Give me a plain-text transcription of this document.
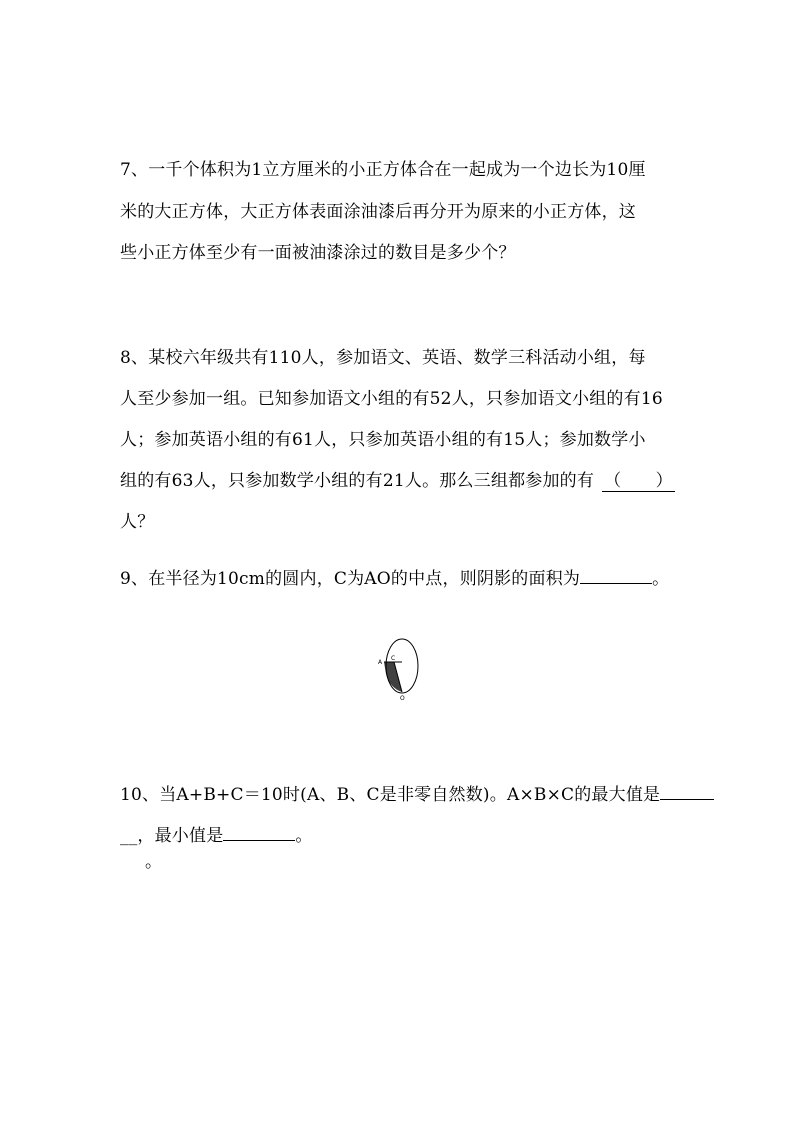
7、一千个体积为1立方厘米的小正方体合在一起成为一个边长为10厘
米的大正方体，大正方体表面涂油漆后再分开为原来的小正方体，这
些小正方体至少有一面被油漆涂过的数目是多少个？
8、某校六年级共有110人，参加语文、英语、数学三科活动小组，每
人至少参加一组。已知参加语文小组的有52人，只参加语文小组的有16
人；参加英语小组的有61人，只参加英语小组的有15人；参加数学小
组的有63人，只参加数学小组的有21人。那么三组都参加的有 （　　）
人？
9、在半径为10cm的圆内，C为AO的中点，则阴影的面积为	。
A
C
O
10、当A+B+C＝10时(A、B、C是非零自然数)。A×B×C的最大值是
__，最小值是	。
。
